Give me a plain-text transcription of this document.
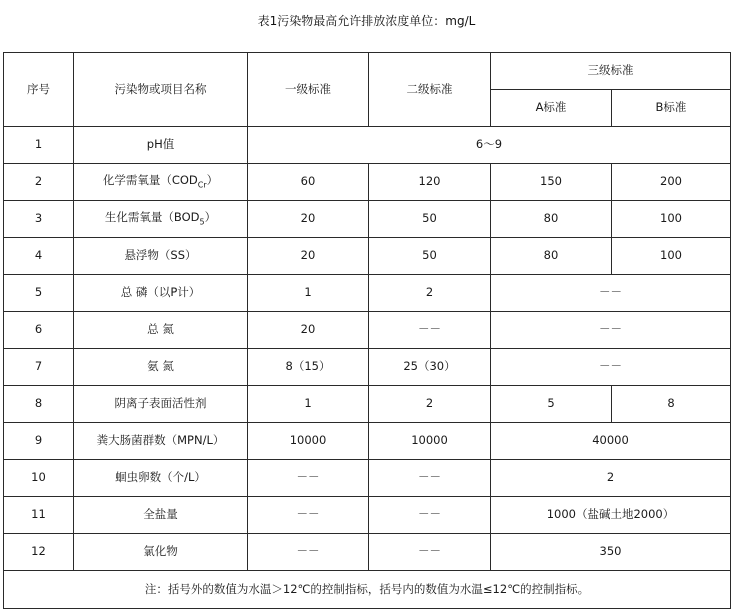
表1污染物最高允许排放浓度单位：mg/L
序号	污染物或项目名称	一级标准	二级标准	三级标准	
				A标准	B标准
1	pH值	6～9			
2	化学需氧量$(COD_{Cr})$	60	120	150	200
3	生化需氧量$(BOD_5)$	20	50	80	100
4	悬浮物（SS）	20	50	80	100
5	总 磷（以P计）	1	2	－－	
6	总 氮	20	－－	－－	
7	氨 氮	8（15）	25（30）	－－	
8	阴离子表面活性剂	1	2	5	8
9	粪大肠菌群数（MPN/L）	10000	10000	40000	
10	蛔虫卵数（个/L）	－－	－－	2	
11	全盐量	－－	－－	1000（盐碱土地2000）	
12	氯化物	－－	－－	350	
注：括号外的数值为水温＞12℃的控制指标，括号内的数值为水温≤12℃的控制指标。					
